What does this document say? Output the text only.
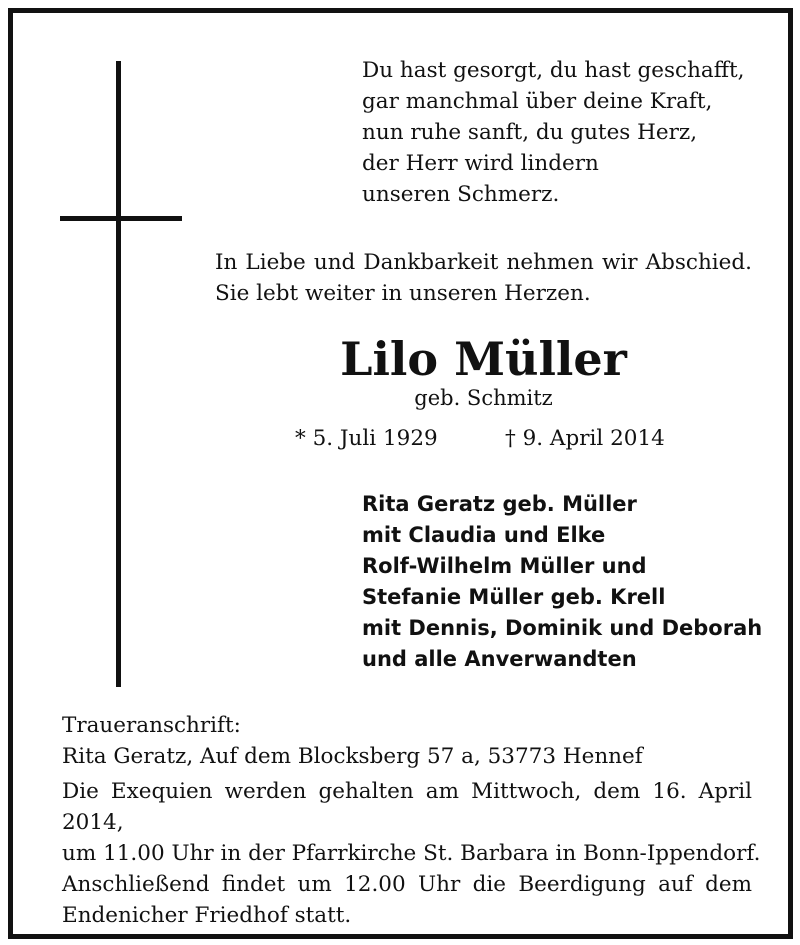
Du hast gesorgt, du hast geschafft,
gar manchmal über deine Kraft,
nun ruhe sanft, du gutes Herz,
der Herr wird lindern
unseren Schmerz.
In Liebe und Dankbarkeit nehmen wir Abschied.
Sie lebt weiter in unseren Herzen.
Lilo Müller
geb. Schmitz
* 5. Juli 1929	† 9. April 2014
Rita Geratz geb. Müller
mit Claudia und Elke
Rolf-Wilhelm Müller und
Stefanie Müller geb. Krell
mit Dennis, Dominik und Deborah
und alle Anverwandten
Traueranschrift:
Rita Geratz, Auf dem Blocksberg 57 a, 53773 Hennef
Die Exequien werden gehalten am Mittwoch, dem 16. April 2014,
um 11.00 Uhr in der Pfarrkirche St. Barbara in Bonn-Ippendorf.
Anschließend findet um 12.00 Uhr die Beerdigung auf dem
Endenicher Friedhof statt.
